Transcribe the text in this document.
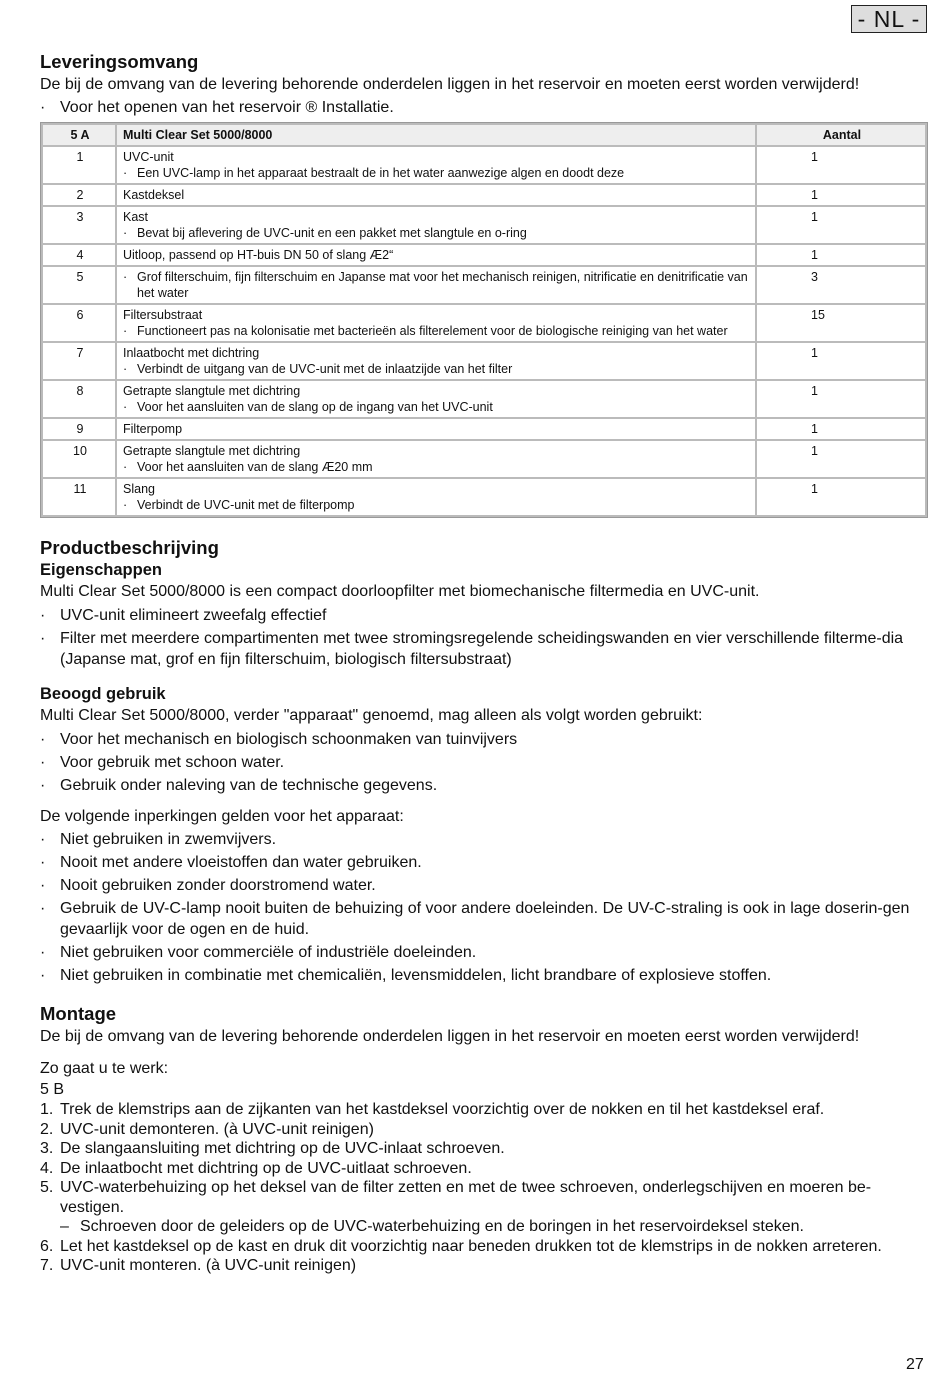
- NL -
Leveringsomvang

De bij de omvang van de levering behorende onderdelen liggen in het reservoir en moeten eerst worden verwijderd!

· Voor het openen van het reservoir ® Installatie.
5 A	Multi Clear Set 5000/8000	Aantal
1	UVC-unit
· Een UVC-lamp in het apparaat bestraalt de in het water aanwezige algen en doodt deze	1
2	Kastdeksel	1
3	Kast
· Bevat bij aflevering de UVC-unit en een pakket met slangtule en o-ring	1
4	Uitloop, passend op HT-buis DN 50 of slang Æ2“	1
5	· Grof filterschuim, fijn filterschuim en Japanse mat voor het mechanisch reinigen, nitrificatie en denitrificatie van het water	3
6	Filtersubstraat
· Functioneert pas na kolonisatie met bacterieën als filterelement voor de biologische reiniging van het water	15
7	Inlaatbocht met dichtring
· Verbindt de uitgang van de UVC-unit met de inlaatzijde van het filter	1
8	Getrapte slangtule met dichtring
· Voor het aansluiten van de slang op de ingang van het UVC-unit	1
9	Filterpomp	1
10	Getrapte slangtule met dichtring
· Voor het aansluiten van de slang Æ20 mm	1
11	Slang
· Verbindt de UVC-unit met de filterpomp	1
Productbeschrijving
Eigenschappen

Multi Clear Set 5000/8000 is een compact doorloopfilter met biomechanische filtermedia en UVC-unit.

· UVC-unit elimineert zweefalg effectief
· Filter met meerdere compartimenten met twee stromingsregelende scheidingswanden en vier verschillende filterme-dia (Japanse mat, grof en fijn filterschuim, biologisch filtersubstraat)
Beoogd gebruik

Multi Clear Set 5000/8000, verder "apparaat" genoemd, mag alleen als volgt worden gebruikt:

· Voor het mechanisch en biologisch schoonmaken van tuinvijvers
· Voor gebruik met schoon water.
· Gebruik onder naleving van de technische gegevens.

De volgende inperkingen gelden voor het apparaat:

· Niet gebruiken in zwemvijvers.
· Nooit met andere vloeistoffen dan water gebruiken.
· Nooit gebruiken zonder doorstromend water.
· Gebruik de UV-C-lamp nooit buiten de behuizing of voor andere doeleinden. De UV-C-straling is ook in lage doserin-gen gevaarlijk voor de ogen en de huid.
· Niet gebruiken voor commerciële of industriële doeleinden.
· Niet gebruiken in combinatie met chemicaliën, levensmiddelen, licht brandbare of explosieve stoffen.
Montage

De bij de omvang van de levering behorende onderdelen liggen in het reservoir en moeten eerst worden verwijderd!

Zo gaat u te werk:

5 B

1. Trek de klemstrips aan de zijkanten van het kastdeksel voorzichtig over de nokken en til het kastdeksel eraf.
2. UVC-unit demonteren. (à UVC-unit reinigen)
3. De slangaansluiting met dichtring op de UVC-inlaat schroeven.
4. De inlaatbocht met dichtring op de UVC-uitlaat schroeven.
5. UVC-waterbehuizing op het deksel van de filter zetten en met de twee schroeven, onderlegschijven en moeren be-vestigen.
– Schroeven door de geleiders op de UVC-waterbehuizing en de boringen in het reservoirdeksel steken.
6. Let het kastdeksel op de kast en druk dit voorzichtig naar beneden drukken tot de klemstrips in de nokken arreteren.
7. UVC-unit monteren. (à UVC-unit reinigen)
27
